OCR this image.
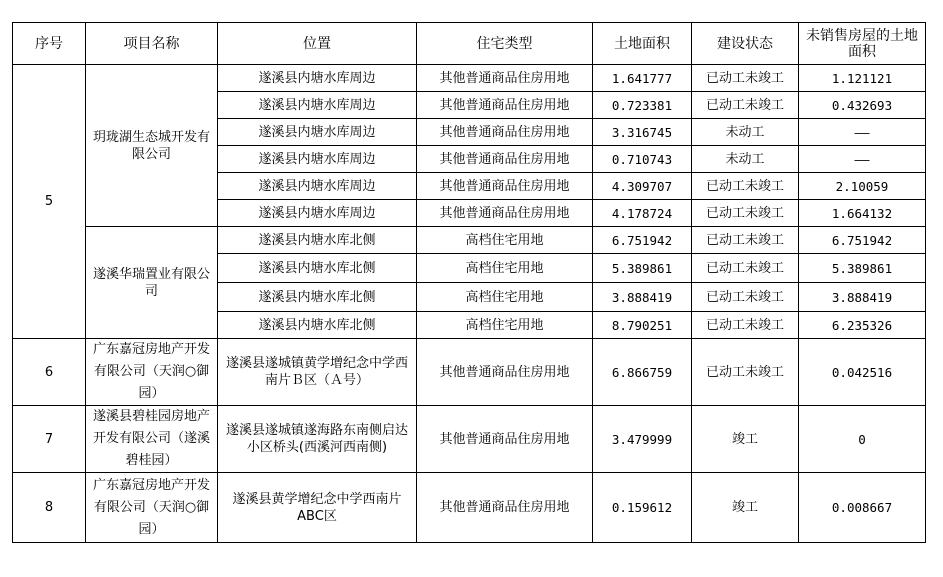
序号	项目名称	位置	住宅类型	土地面积	建设状态	未销售房屋的土地面积
5	玥珑湖生态城开发有限公司	遂溪县内塘水库周边	其他普通商品住房用地	1.641777	已动工未竣工	1.121121
		遂溪县内塘水库周边	其他普通商品住房用地	0.723381	已动工未竣工	0.432693
		遂溪县内塘水库周边	其他普通商品住房用地	3.316745	未动工	——
		遂溪县内塘水库周边	其他普通商品住房用地	0.710743	未动工	——
		遂溪县内塘水库周边	其他普通商品住房用地	4.309707	已动工未竣工	2.10059
		遂溪县内塘水库周边	其他普通商品住房用地	4.178724	已动工未竣工	1.664132
	遂溪华瑞置业有限公司	遂溪县内塘水库北侧	高档住宅用地	6.751942	已动工未竣工	6.751942
		遂溪县内塘水库北侧	高档住宅用地	5.389861	已动工未竣工	5.389861
		遂溪县内塘水库北侧	高档住宅用地	3.888419	已动工未竣工	3.888419
		遂溪县内塘水库北侧	高档住宅用地	8.790251	已动工未竣工	6.235326
6	广东嘉冠房地产开发有限公司（天润○御园）	遂溪县遂城镇黄学增纪念中学西南片Ｂ区（Ａ号）	其他普通商品住房用地	6.866759	已动工未竣工	0.042516
7	遂溪县碧桂园房地产开发有限公司（遂溪碧桂园）	遂溪县遂城镇遂海路东南侧启达小区桥头(西溪河西南侧)	其他普通商品住房用地	3.479999	竣工	0
8	广东嘉冠房地产开发有限公司（天润○御园）	遂溪县黄学增纪念中学西南片ABC区	其他普通商品住房用地	0.159612	竣工	0.008667
